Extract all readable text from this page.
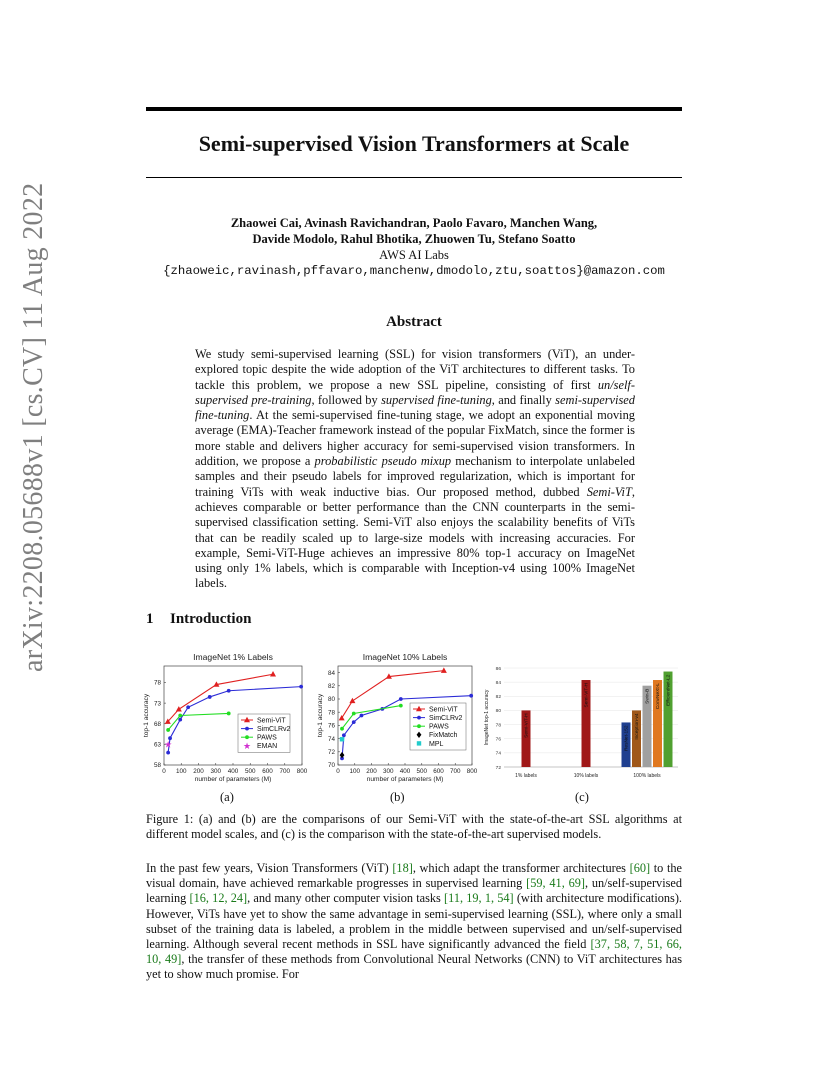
Semi-supervised Vision Transformers at Scale
arXiv:2208.05688v1 [cs.CV] 11 Aug 2022	Zhaowei Cai, Avinash Ravichandran, Paolo Favaro, Manchen Wang,
Davide Modolo, Rahul Bhotika, Zhuowen Tu, Stefano Soatto
AWS AI Labs
{zhaoweic,ravinash,pffavaro,manchenw,dmodolo,ztu,soattos}@amazon.com
Abstract
We study semi-supervised learning (SSL) for vision transformers (ViT), an under-explored topic despite the wide adoption of the ViT architectures to different tasks. To tackle this problem, we propose a new SSL pipeline, consisting of first un/self-supervised pre-training, followed by supervised fine-tuning, and finally semi-supervised fine-tuning. At the semi-supervised fine-tuning stage, we adopt an exponential moving average (EMA)-Teacher framework instead of the popular FixMatch, since the former is more stable and delivers higher accuracy for semi-supervised vision transformers. In addition, we propose a probabilistic pseudo mixup mechanism to interpolate unlabeled samples and their pseudo labels for improved regularization, which is important for training ViTs with weak inductive bias. Our proposed method, dubbed Semi-ViT, achieves comparable or better performance than the CNN counterparts in the semi-supervised classification setting. Semi-ViT also enjoys the scalability benefits of ViTs that can be readily scaled up to large-size models with increasing accuracies. For example, Semi-ViT-Huge achieves an impressive 80% top-1 accuracy on ImageNet using only 1% labels, which is comparable with Inception-v4 using 100% ImageNet labels.
1 Introduction
ImageNet 1% Labels
0 100 200 300 400 500 600 700 800
58
63
68
73
78
number of parameters (M)
top-1 accuracy
★
Semi-ViT
SimCLRv2
PAWS
★ EMAN
ImageNet 10% Labels
0 100 200 300 400 500 600 700 800
70
72
74
76
78
80
82
84
number of parameters (M)
top-1 accuracy	Semi-ViT
SimCLRv2
PAWS
FixMatch
MPL
72
74
76
78
80
82
84
86
ImageNet top-1 accuracy
1% labels	10% labels	100% labels
Semi-ViT-H
Semi-ViT-H
ResNet-152 Inception-v4
Swin-B ConvNeXt-L EfficientNet-L2
(a)	(b)	(c)
Figure 1: (a) and (b) are the comparisons of our Semi-ViT with the state-of-the-art SSL algorithms at different model scales, and (c) is the comparison with the state-of-the-art supervised models.
In the past few years, Vision Transformers (ViT) [18], which adapt the transformer architectures [60] to the visual domain, have achieved remarkable progresses in supervised learning [59, 41, 69], un/self-supervised learning [16, 12, 24], and many other computer vision tasks [11, 19, 1, 54] (with architecture modifications). However, ViTs have yet to show the same advantage in semi-supervised learning (SSL), where only a small subset of the training data is labeled, a problem in the middle between supervised and un/self-supervised learning. Although several recent methods in SSL have significantly advanced the field [37, 58, 7, 51, 66, 10, 49], the transfer of these methods from Convolutional Neural Networks (CNN) to ViT architectures has yet to show much promise. For
